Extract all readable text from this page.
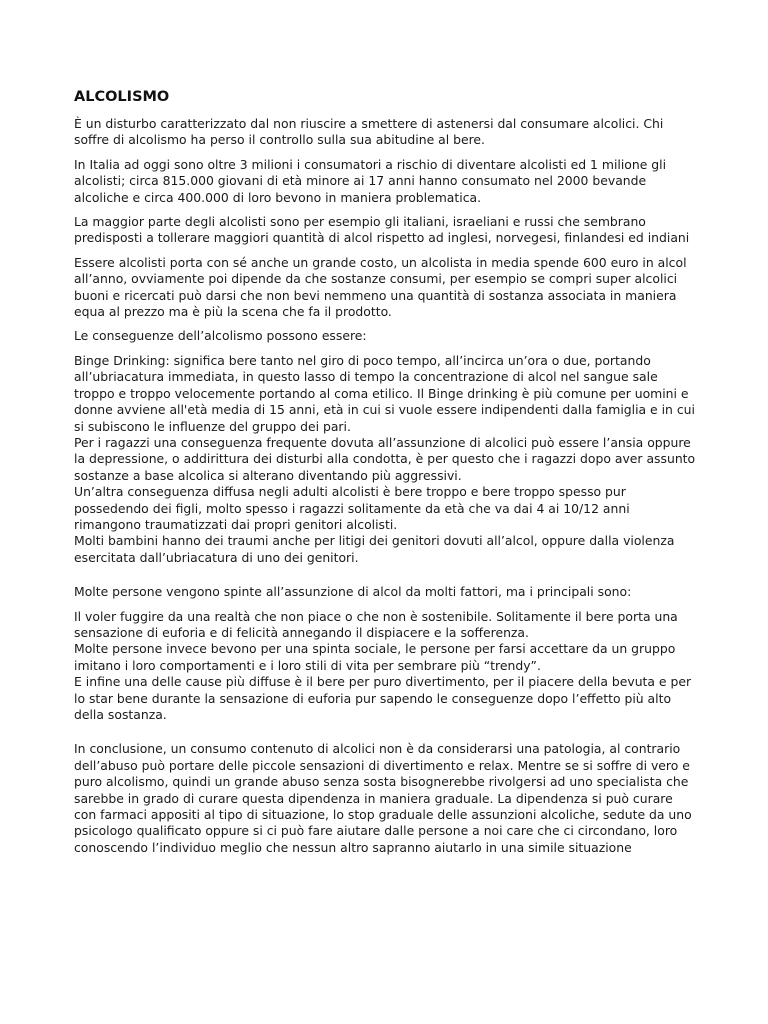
ALCOLISMO

È un disturbo caratterizzato dal non riuscire a smettere di astenersi dal consumare alcolici. Chi soffre di alcolismo ha perso il controllo sulla sua abitudine al bere.

In Italia ad oggi sono oltre 3 milioni i consumatori a rischio di diventare alcolisti ed 1 milione gli alcolisti; circa 815.000 giovani di età minore ai 17 anni hanno consumato nel 2000 bevande alcoliche e circa 400.000 di loro bevono in maniera problematica.

La maggior parte degli alcolisti sono per esempio gli italiani, israeliani e russi che sembrano predisposti a tollerare maggiori quantità di alcol rispetto ad inglesi, norvegesi, finlandesi ed indiani

Essere alcolisti porta con sé anche un grande costo, un alcolista in media spende 600 euro in alcol all’anno, ovviamente poi dipende da che sostanze consumi, per esempio se compri super alcolici buoni e ricercati può darsi che non bevi nemmeno una quantità di sostanza associata in maniera equa al prezzo ma è più la scena che fa il prodotto.

Le conseguenze dell’alcolismo possono essere:

Binge Drinking: significa bere tanto nel giro di poco tempo, all’incirca un’ora o due, portando all’ubriacatura immediata, in questo lasso di tempo la concentrazione di alcol nel sangue sale troppo e troppo velocemente portando al coma etilico. Il Binge drinking è più comune per uomini e donne avviene all'età media di 15 anni, età in cui si vuole essere indipendenti dalla famiglia e in cui si subiscono le influenze del gruppo dei pari.

Per i ragazzi una conseguenza frequente dovuta all’assunzione di alcolici può essere l’ansia oppure la depressione, o addirittura dei disturbi alla condotta, è per questo che i ragazzi dopo aver assunto sostanze a base alcolica si alterano diventando più aggressivi.

Un’altra conseguenza diffusa negli adulti alcolisti è bere troppo e bere troppo spesso pur possedendo dei figli, molto spesso i ragazzi solitamente da età che va dai 4 ai 10/12 anni rimangono traumatizzati dai propri genitori alcolisti.

Molti bambini hanno dei traumi anche per litigi dei genitori dovuti all’alcol, oppure dalla violenza esercitata dall’ubriacatura di uno dei genitori.

Molte persone vengono spinte all’assunzione di alcol da molti fattori, ma i principali sono:

Il voler fuggire da una realtà che non piace o che non è sostenibile. Solitamente il bere porta una sensazione di euforia e di felicità annegando il dispiacere e la sofferenza.

Molte persone invece bevono per una spinta sociale, le persone per farsi accettare da un gruppo imitano i loro comportamenti e i loro stili di vita per sembrare più “trendy”.

E infine una delle cause più diffuse è il bere per puro divertimento, per il piacere della bevuta e per lo star bene durante la sensazione di euforia pur sapendo le conseguenze dopo l’effetto più alto della sostanza.

In conclusione, un consumo contenuto di alcolici non è da considerarsi una patologia, al contrario dell’abuso può portare delle piccole sensazioni di divertimento e relax. Mentre se si soffre di vero e puro alcolismo, quindi un grande abuso senza sosta bisognerebbe rivolgersi ad uno specialista che sarebbe in grado di curare questa dipendenza in maniera graduale. La dipendenza si può curare con farmaci appositi al tipo di situazione, lo stop graduale delle assunzioni alcoliche, sedute da uno psicologo qualificato oppure si ci può fare aiutare dalle persone a noi care che ci circondano, loro conoscendo l’individuo meglio che nessun altro sapranno aiutarlo in una simile situazione
